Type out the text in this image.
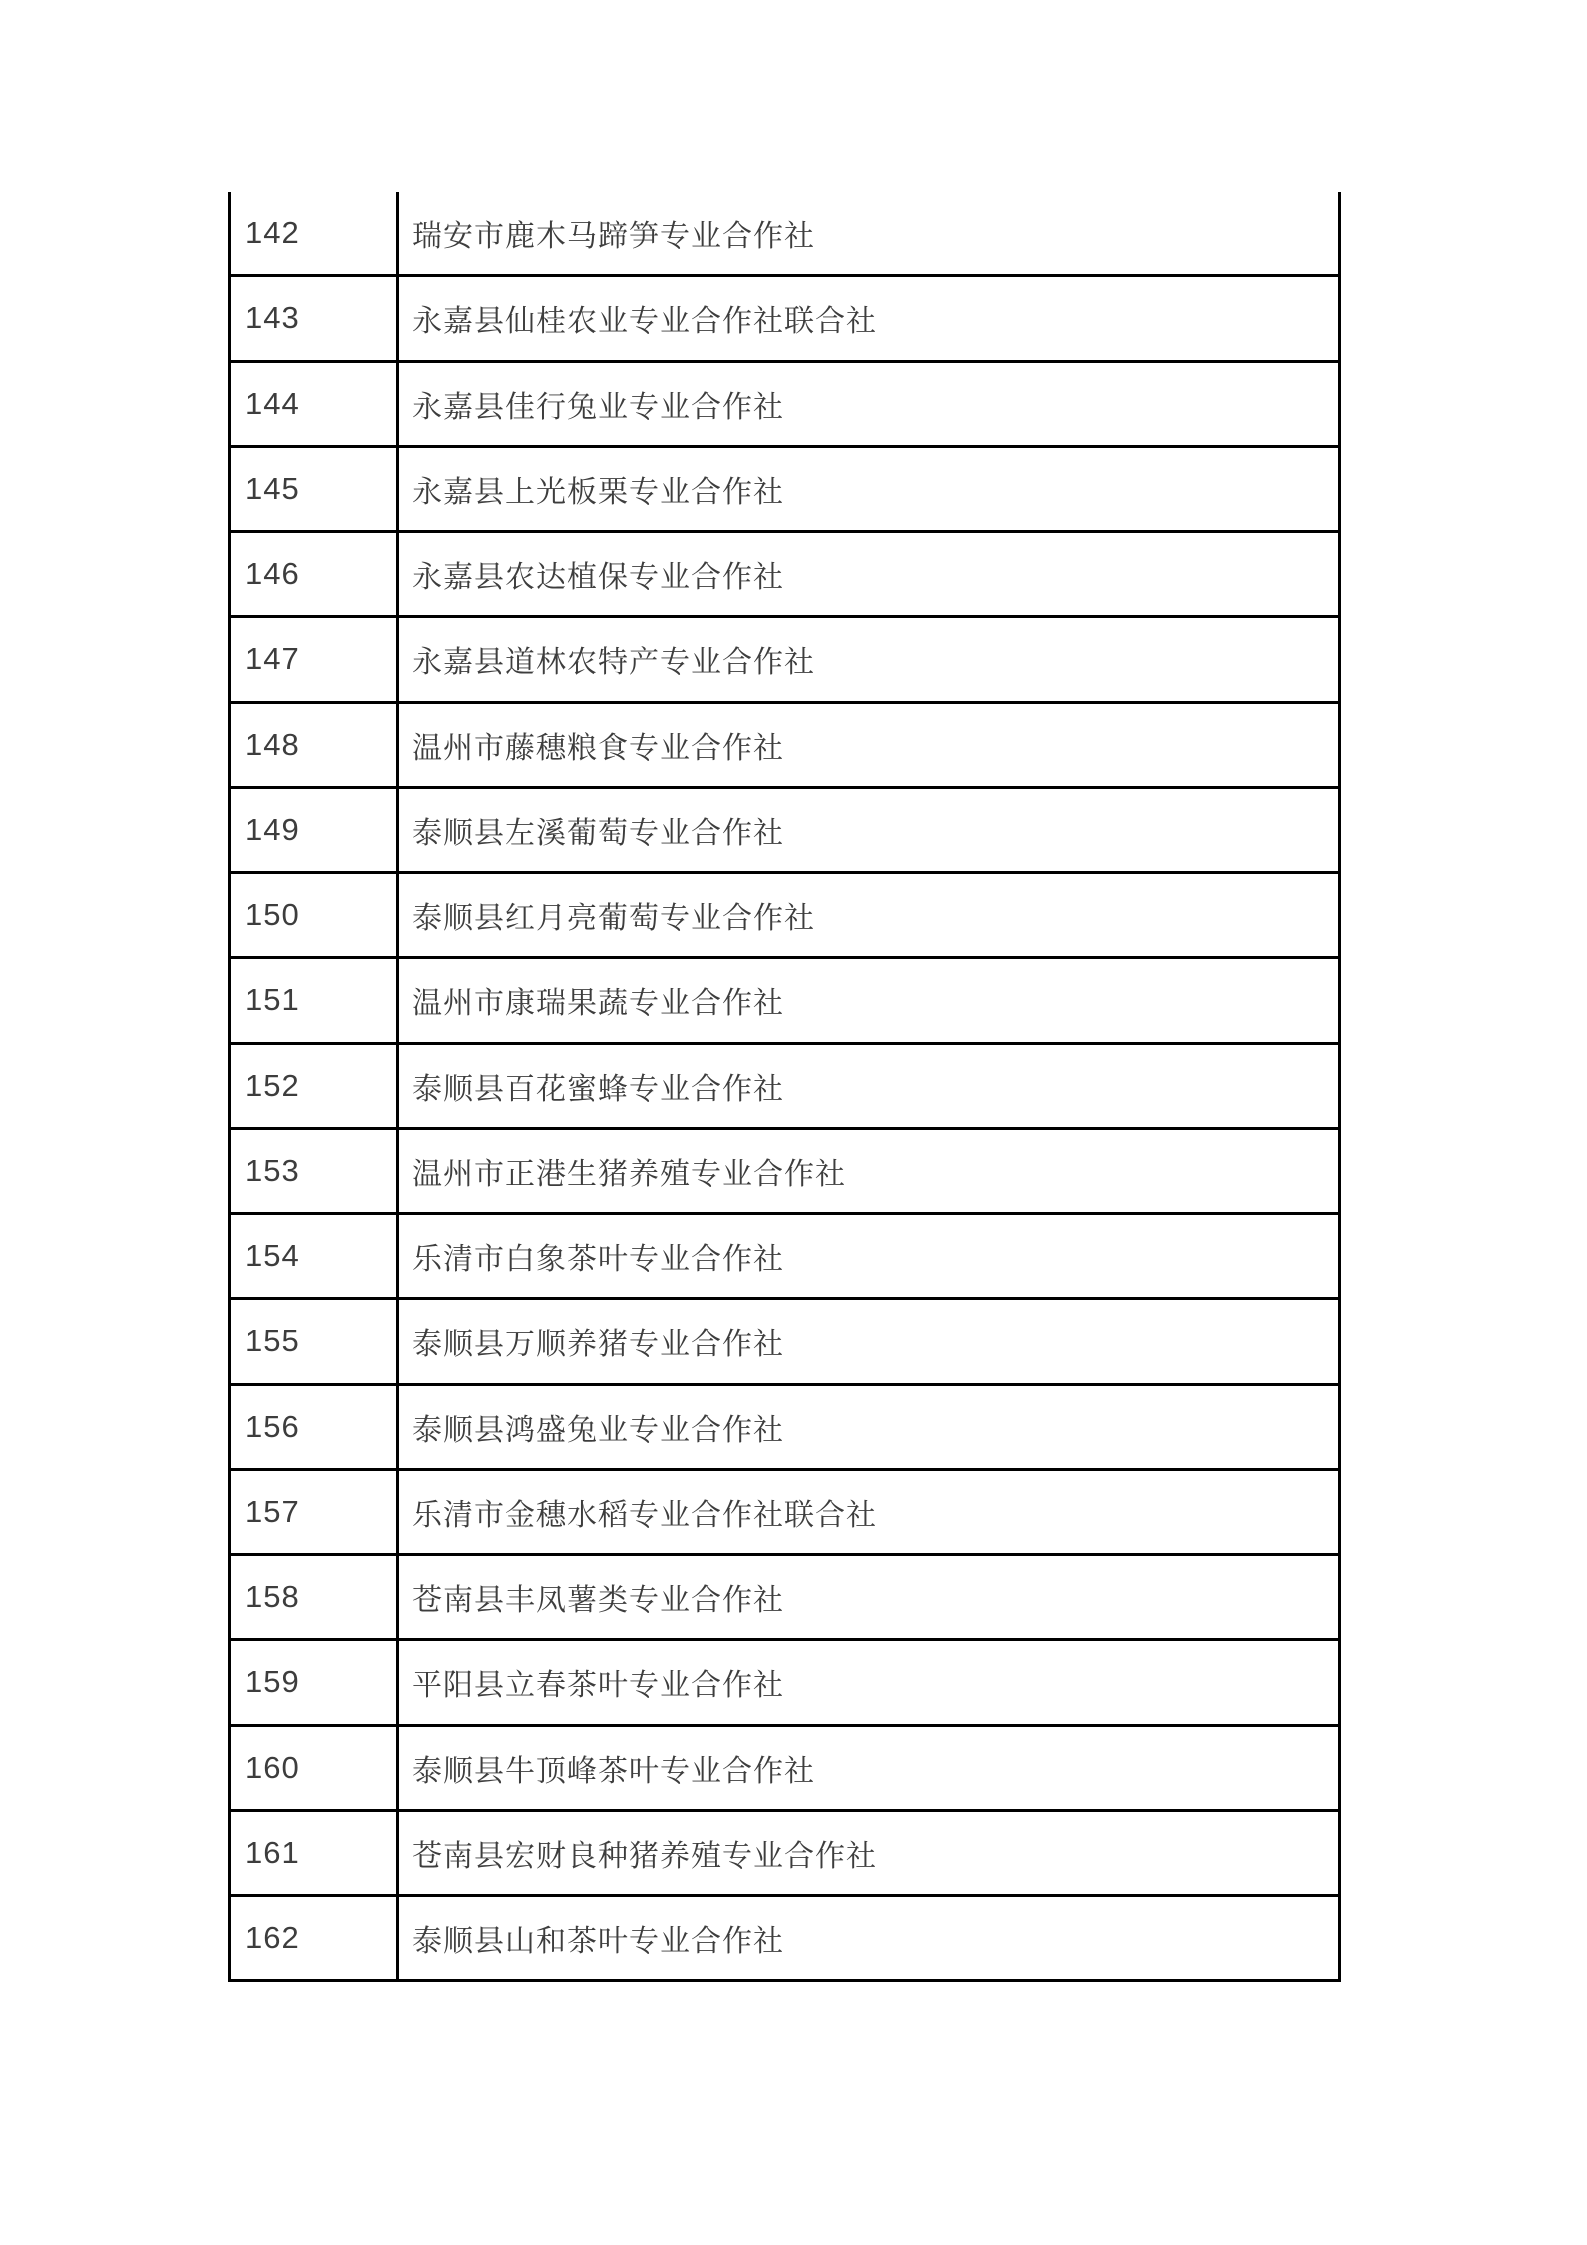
142	瑞安市鹿木马蹄笋专业合作社
143	永嘉县仙桂农业专业合作社联合社
144	永嘉县佳行兔业专业合作社
145	永嘉县上光板栗专业合作社
146	永嘉县农达植保专业合作社
147	永嘉县道林农特产专业合作社
148	温州市藤穗粮食专业合作社
149	泰顺县左溪葡萄专业合作社
150	泰顺县红月亮葡萄专业合作社
151	温州市康瑞果蔬专业合作社
152	泰顺县百花蜜蜂专业合作社
153	温州市正港生猪养殖专业合作社
154	乐清市白象茶叶专业合作社
155	泰顺县万顺养猪专业合作社
156	泰顺县鸿盛兔业专业合作社
157	乐清市金穗水稻专业合作社联合社
158	苍南县丰凤薯类专业合作社
159	平阳县立春茶叶专业合作社
160	泰顺县牛顶峰茶叶专业合作社
161	苍南县宏财良种猪养殖专业合作社
162	泰顺县山和茶叶专业合作社
